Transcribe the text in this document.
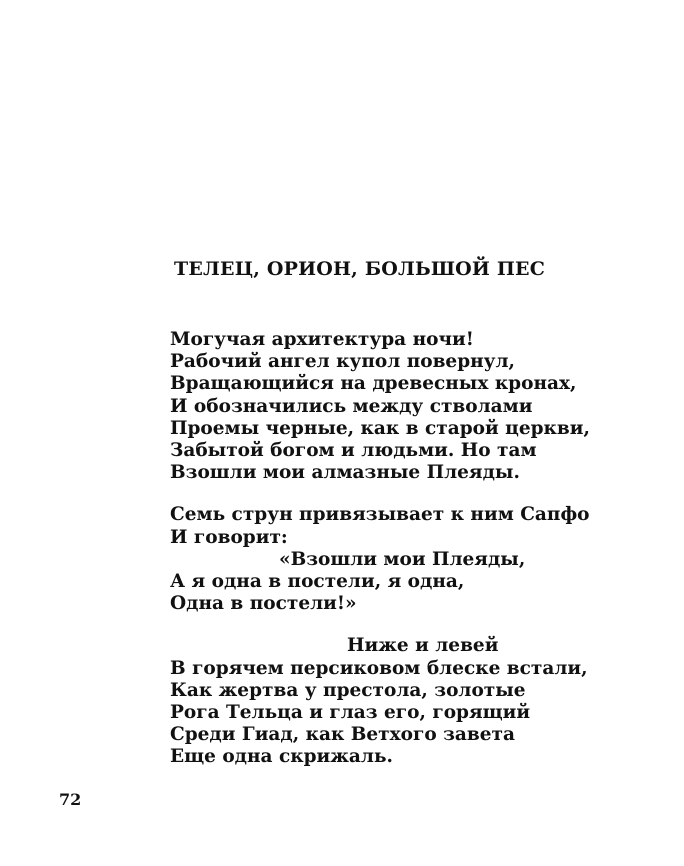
ТЕЛЕЦ, ОРИОН, БОЛЬШОЙ ПЕС
Могучая архитектура ночи!
Рабочий ангел купол повернул,
Вращающийся на древесных кронах,
И обозначились между стволами
Проемы черные, как в старой церкви,
Забытой богом и людьми. Но там
Взошли мои алмазные Плеяды.
Семь струн привязывает к ним Сапфо
И говорит:
«Взошли мои Плеяды,
А я одна в постели, я одна,
Одна в постели!»
Ниже и левей
В горячем персиковом блеске встали,
Как жертва у престола, золотые
Рога Тельца и глаз его, горящий
Среди Гиад, как Ветхого завета
Еще одна скрижаль.
72
